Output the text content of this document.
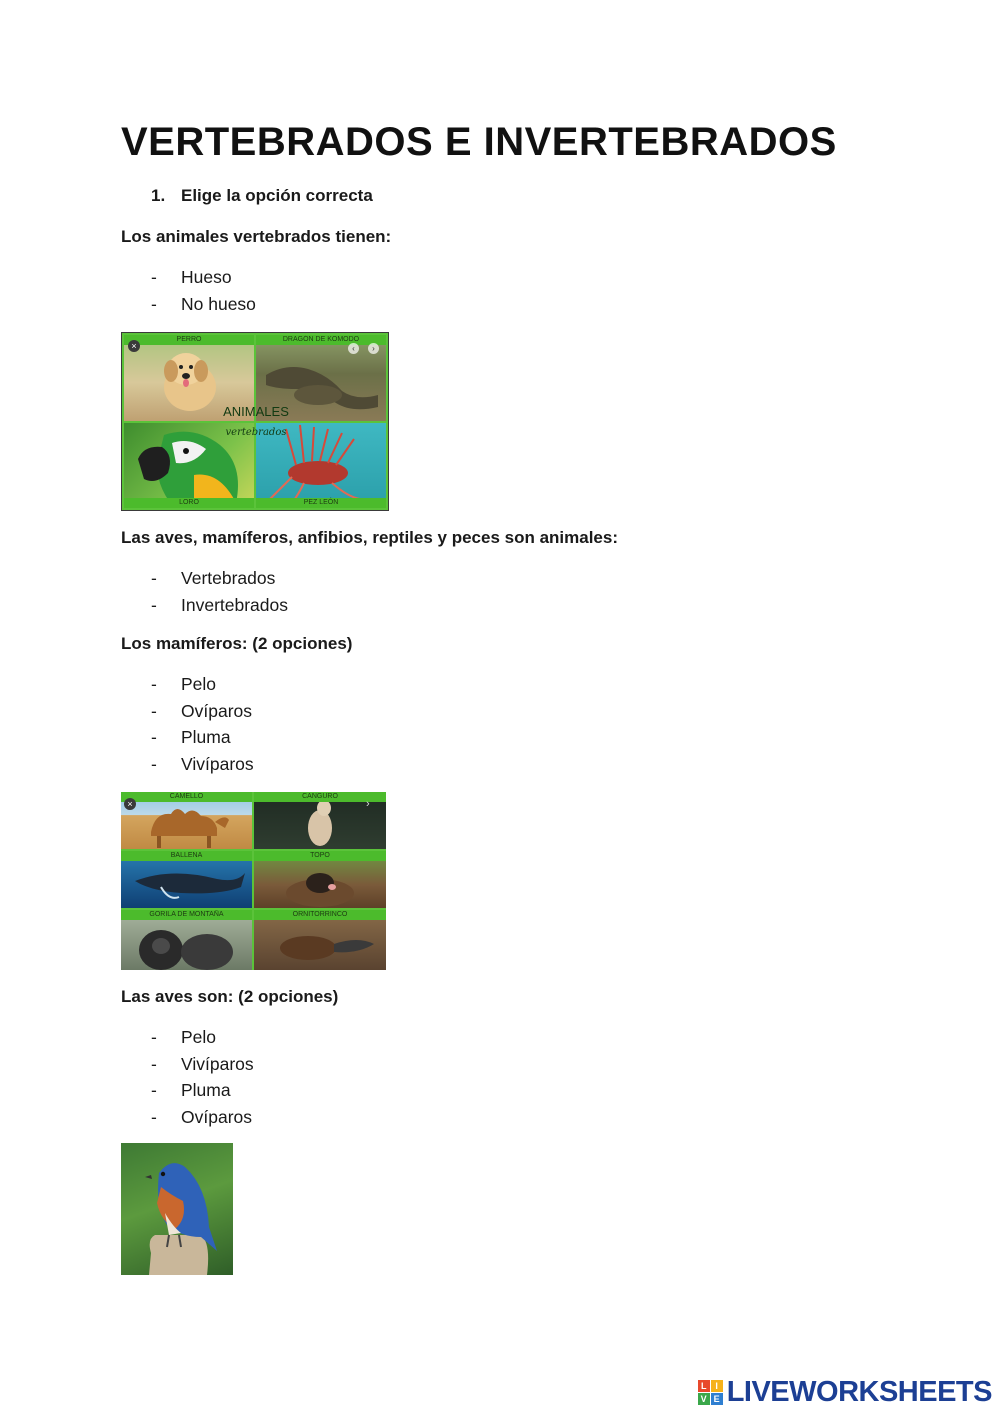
VERTEBRADOS E INVERTEBRADOS
1. Elige la opción correcta
Los animales vertebrados tienen:
- Hueso
- No hueso
PERRO	DRAGÓN DE KOMODO
‹	›
LORO	PEZ LEÓN
ANIMALES
vertebrados
×
Las aves, mamíferos, anfibios, reptiles y peces son animales:
- Vertebrados
- Invertebrados
Los mamíferos: (2 opciones)
- Pelo
- Ovíparos
- Pluma
- Vivíparos
CAMELLO	CANGURO
BALLENA	TOPO
GORILA DE MONTAÑA	ORNITORRINCO
×	›
Las aves son: (2 opciones)
- Pelo
- Vivíparos
- Pluma
- Ovíparos
L I
V E LIVEWORKSHEETS
